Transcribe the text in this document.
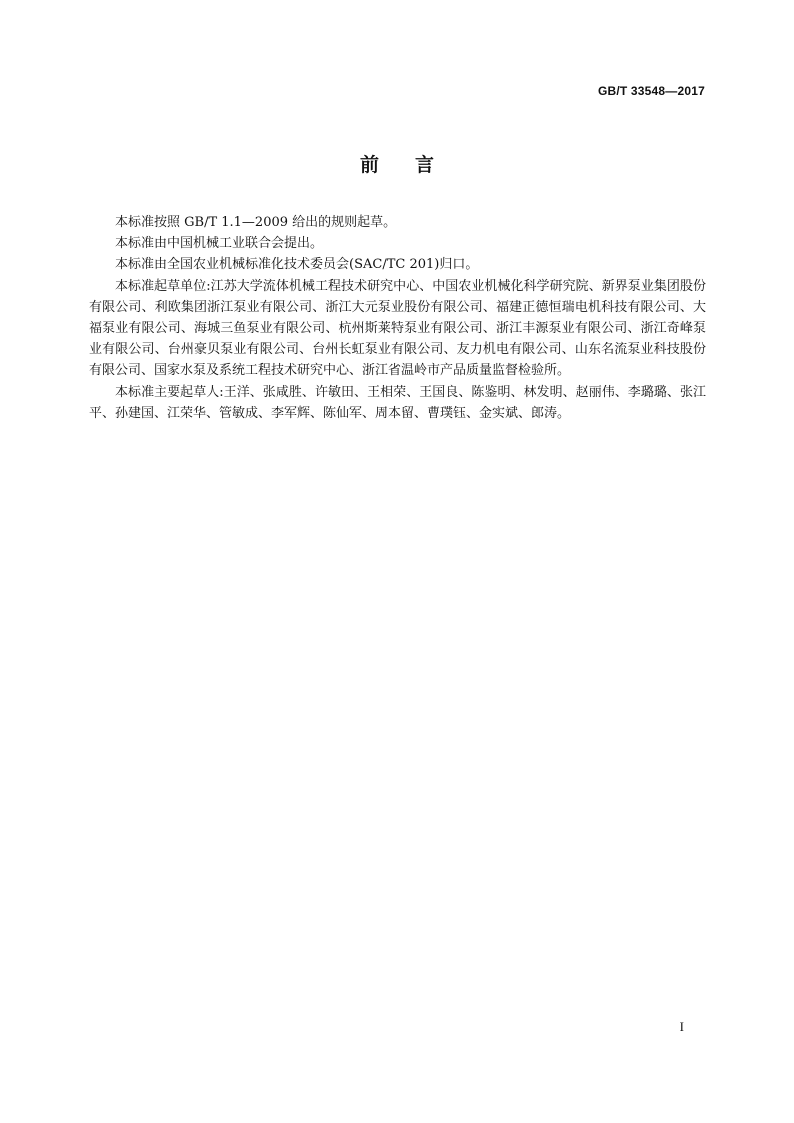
GB/T 33548—2017
前言

本标准按照 GB/T 1.1—2009 给出的规则起草。

本标准由中国机械工业联合会提出。

本标准由全国农业机械标准化技术委员会(SAC/TC 201)归口。

本标准起草单位:江苏大学流体机械工程技术研究中心、中国农业机械化科学研究院、新界泵业集团股份有限公司、利欧集团浙江泵业有限公司、浙江大元泵业股份有限公司、福建正德恒瑞电机科技有限公司、大福泵业有限公司、海城三鱼泵业有限公司、杭州斯莱特泵业有限公司、浙江丰源泵业有限公司、浙江奇峰泵业有限公司、台州豪贝泵业有限公司、台州长虹泵业有限公司、友力机电有限公司、山东名流泵业科技股份有限公司、国家水泵及系统工程技术研究中心、浙江省温岭市产品质量监督检验所。

本标准主要起草人:王洋、张咸胜、许敏田、王相荣、王国良、陈鉴明、林发明、赵丽伟、李璐璐、张江平、孙建国、江荣华、管敏成、李军辉、陈仙军、周本留、曹璞钰、金实斌、郎涛。

I
